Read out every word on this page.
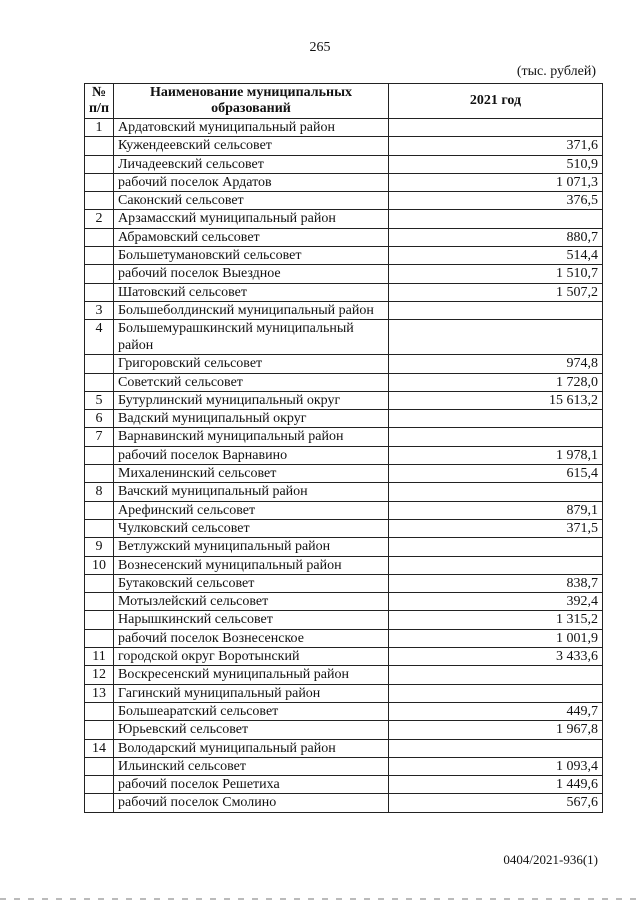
265
(тыс. рублей)
№ п/п	Наименование муниципальных образований	2021 год
1	Ардатовский муниципальный район	
	Кужендеевский сельсовет	371,6
	Личадеевский сельсовет	510,9
	рабочий поселок Ардатов	1 071,3
	Саконский сельсовет	376,5
2	Арзамасский муниципальный район	
	Абрамовский сельсовет	880,7
	Большетумановский сельсовет	514,4
	рабочий поселок Выездное	1 510,7
	Шатовский сельсовет	1 507,2
3	Большеболдинский муниципальный район	
4	Большемурашкинский муниципальный район	
	Григоровский сельсовет	974,8
	Советский сельсовет	1 728,0
5	Бутурлинский муниципальный округ	15 613,2
6	Вадский муниципальный округ	
7	Варнавинский муниципальный район	
	рабочий поселок Варнавино	1 978,1
	Михаленинский сельсовет	615,4
8	Вачский муниципальный район	
	Арефинский сельсовет	879,1
	Чулковский сельсовет	371,5
9	Ветлужский муниципальный район	
10	Вознесенский муниципальный район	
	Бутаковский сельсовет	838,7
	Мотызлейский сельсовет	392,4
	Нарышкинский сельсовет	1 315,2
	рабочий поселок Вознесенское	1 001,9
11	городской округ Воротынский	3 433,6
12	Воскресенский муниципальный район	
13	Гагинский муниципальный район	
	Большеаратский сельсовет	449,7
	Юрьевский сельсовет	1 967,8
14	Володарский муниципальный район	
	Ильинский сельсовет	1 093,4
	рабочий поселок Решетиха	1 449,6
	рабочий поселок Смолино	567,6
0404/2021-936(1)
